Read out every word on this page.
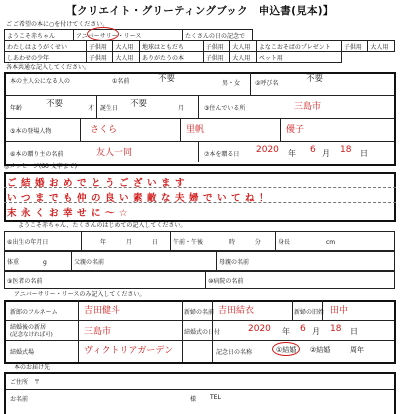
【クリエイト・グリーティングブック　申込書(見本)】
ごご希望の本に○を付けてください。
ようこそ赤ちゃん	アニバーサリー・リース	たくさんの日の記念で	
わたしはようがくせい	子供用	大人用	地球はともだち	子供用	大人用	よなこおそばのプレゼント	子供用	大人用
しあわせの少年	子供用	大人用	ありがたうの本	子供用	大人用	ペット用		
各本共通な記入してください。
本の主人公になる人の	①名前	不要	男・女 ②呼び名	不要
年齢	不要	才 誕生日 不要	月	③住んでいる所	三島市
⑤本の登場人物	さくら	里帆	優子
⑥本の贈り主の名前	友人一同	⑦本を贈る日 2020 年 6 月 18 日
◎メッセージ(60 文字まで)
ご結婚おめでとうございます
いつまでも仲の良い素敵な夫婦でいてね！
末永くお幸せに～☆
ようこそ赤ちゃん、たくさんのはじめての記入してください。
⑥出生の年月日	年	月	日	午前・午後	時	分	身長	cm
体重	g	父親の名前	母親の名前
⑨医者の名前	⑩病院の名前
アニバーサリー・リースのみ記入してください。
新郎のフルネーム	吉田健斗	新婦の名前 吉田結衣	新婦の旧姓 田中
結婚後の新居
(記念なければ可)	三島市	結婚式の日付	2020 年 6 月 18 日
結婚式場	ヴィクトリアガーデン	記念日の名称	①結婚 ②結婚	周年
本のお届け先
ご住所　〒
お名前	様 TEL
